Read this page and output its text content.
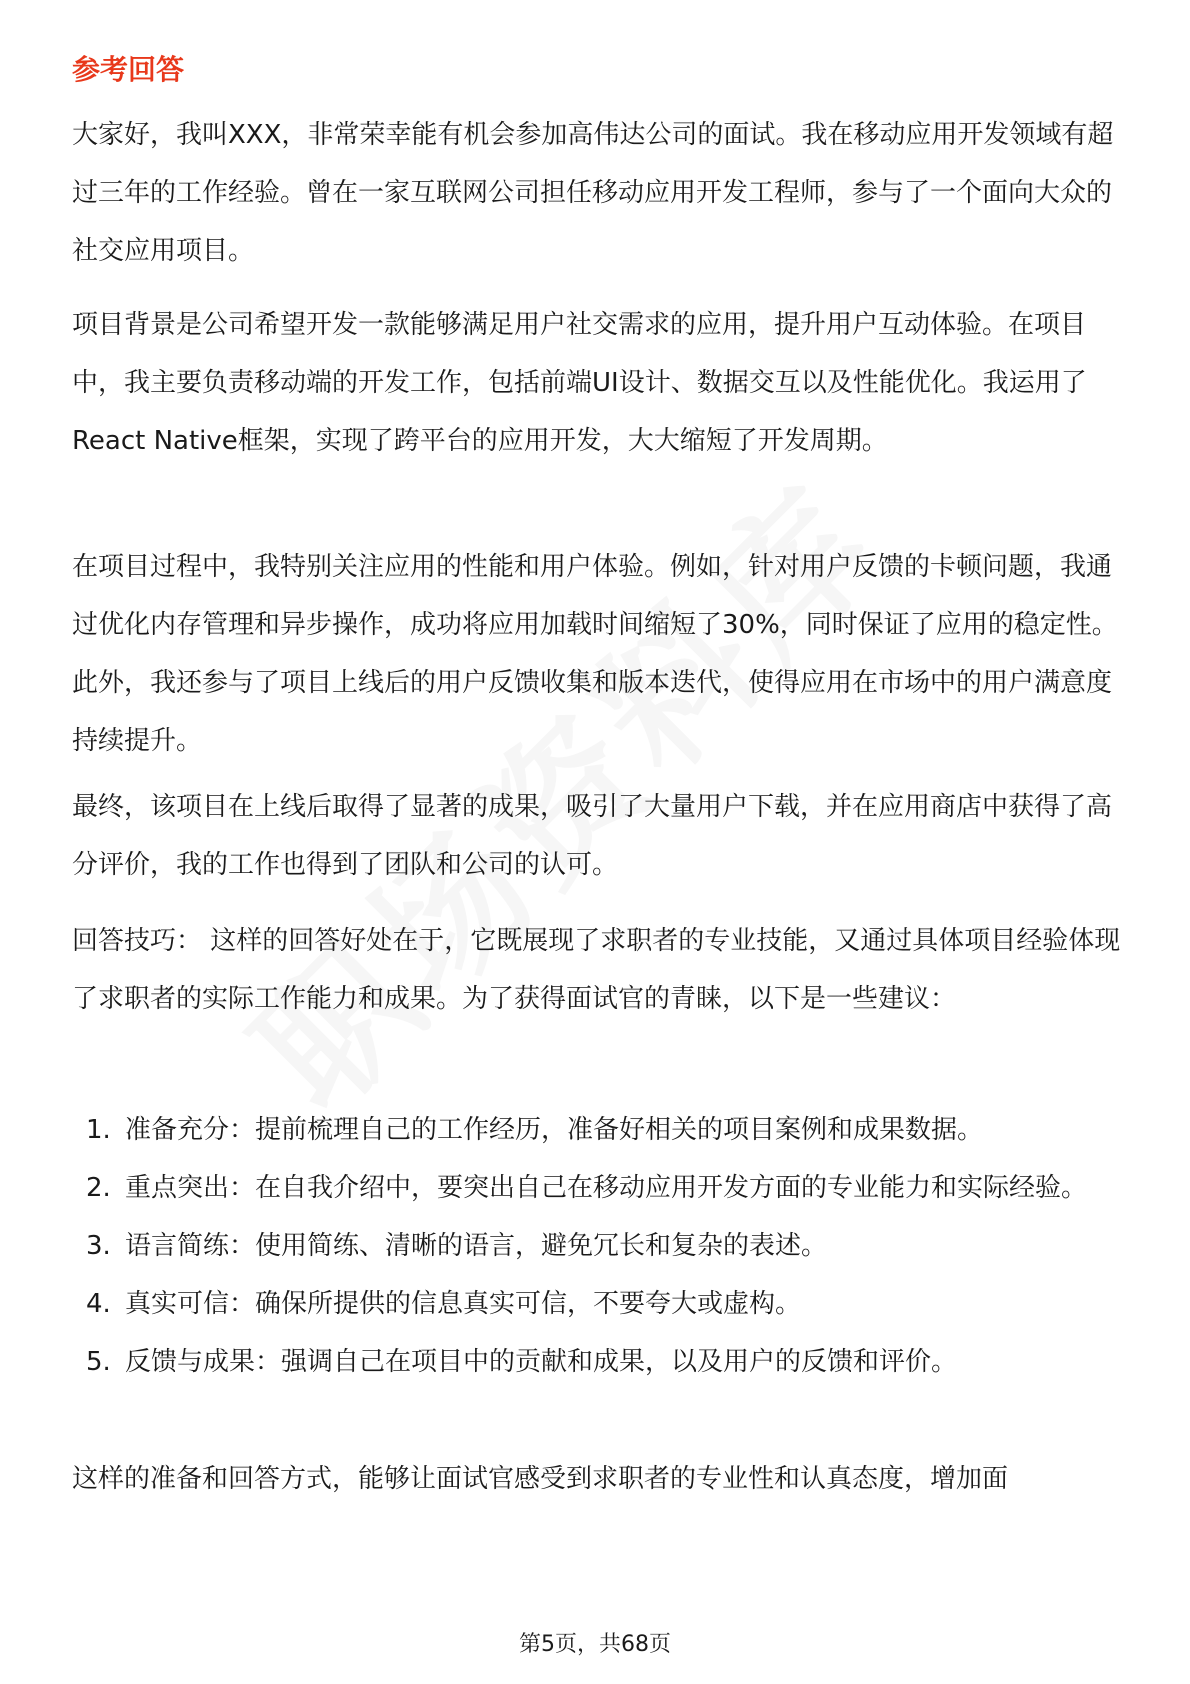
参考回答

大家好，我叫XXX，非常荣幸能有机会参加高伟达公司的面试。我在移动应用开发领域有超过三年的工作经验。曾在一家互联网公司担任移动应用开发工程师，参与了一个面向大众的社交应用项目。

项目背景是公司希望开发一款能够满足用户社交需求的应用，提升用户互动体验。在项目中，我主要负责移动端的开发工作，包括前端UI设计、数据交互以及性能优化。我运用了React Native框架，实现了跨平台的应用开发，大大缩短了开发周期。

在项目过程中，我特别关注应用的性能和用户体验。例如，针对用户反馈的卡顿问题，我通过优化内存管理和异步操作，成功将应用加载时间缩短了30%，同时保证了应用的稳定性。此外，我还参与了项目上线后的用户反馈收集和版本迭代，使得应用在市场中的用户满意度持续提升。

最终，该项目在上线后取得了显著的成果，吸引了大量用户下载，并在应用商店中获得了高分评价，我的工作也得到了团队和公司的认可。

回答技巧： 这样的回答好处在于，它既展现了求职者的专业技能，又通过具体项目经验体现了求职者的实际工作能力和成果。为了获得面试官的青睐，以下是一些建议：

1. 准备充分：提前梳理自己的工作经历，准备好相关的项目案例和成果数据。
2. 重点突出：在自我介绍中，要突出自己在移动应用开发方面的专业能力和实际经验。
3. 语言简练：使用简练、清晰的语言，避免冗长和复杂的表述。
4. 真实可信：确保所提供的信息真实可信，不要夸大或虚构。
5. 反馈与成果：强调自己在项目中的贡献和成果，以及用户的反馈和评价。

这样的准备和回答方式，能够让面试官感受到求职者的专业性和认真态度，增加面

第5页，共68页
